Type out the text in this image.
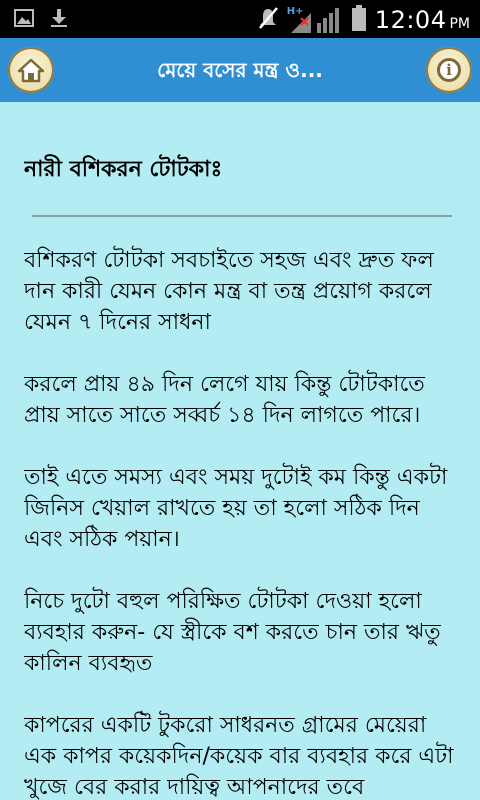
H+	12:04 PM
মেয়ে বসের মন্ত্র ও...	i
নারী বশিকরন টোটকাঃ

বশিকরণ টোটকা সবচাইতে সহজ এবং দ্রুত ফল দান কারী যেমন কোন মন্ত্র বা তন্ত্র প্রয়োগ করলে যেমন ৭ দিনের সাধনা

করলে প্রায় ৪৯ দিন লেগে যায় কিন্তু টোটকাতে প্রায় সাতে সাতে সব্বর্চ ১৪ দিন লাগতে পারে।

তাই এতে সমস্য এবং সময় দুটোই কম কিন্তু একটা জিনিস খেয়াল রাখতে হয় তা হলো সঠিক দিন এবং সঠিক পয়ান।

নিচে দুটো বহুল পরিক্ষিত টোটকা দেওয়া হলো ব্যবহার করুন- যে স্ত্রীকে বশ করতে চান তার ঋতু কালিন ব্যবহৃত

কাপরের একটি টুকরো সাধরনত গ্রামের মেয়েরা এক কাপর কয়েকদিন/কয়েক বার ব্যবহার করে এটা খুজে বের করার দায়িত্ব আপনাদের তবে
